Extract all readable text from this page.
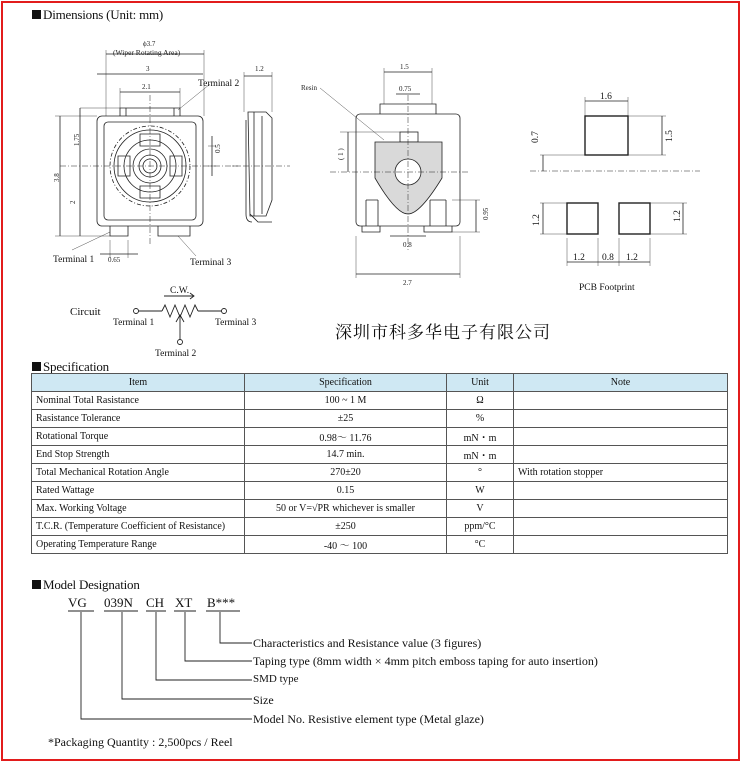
Dimensions (Unit: mm)
ϕ3.7
(Wiper Rotating Area)
3
2.1
1.75
3.8
2
0.5
0.65
1.2	1.5
0.75
( 1 )
0.95
0.8
2.7
Resin
Terminal 1
Terminal 2
Terminal 3
1.6
0.7	1.5
1.2	1.2
1.2 0.8 1.2
PCB Footprint
C.W.
Circuit
Terminal 1	Terminal 3
Terminal 2
深圳市科多华电子有限公司
Specification
Item	Specification	Unit	Note
Nominal Total Rasistance	100 ~ 1 M	Ω	
Rasistance Tolerance	±25	%	
Rotational Torque	0.98～ 11.76	mN・m	
End Stop Strength	14.7 min.	mN・m	
Total Mechanical Rotation Angle	270±20	°	With rotation stopper
Rated Wattage	0.15	W	
Max. Working Voltage	50 or V=√PR whichever is smaller	V	
T.C.R. (Temperature Coefficient of Resistance)	±250	ppm/°C	
Operating Temperature Range	-40 ～ 100	°C	
Model Designation
VG 039N CH XT B***
Characteristics and Resistance value (3 figures)
Taping type (8mm width × 4mm pitch emboss taping for auto insertion)
SMD type
Size
Model No. Resistive element type (Metal glaze)
*Packaging Quantity : 2,500pcs / Reel
